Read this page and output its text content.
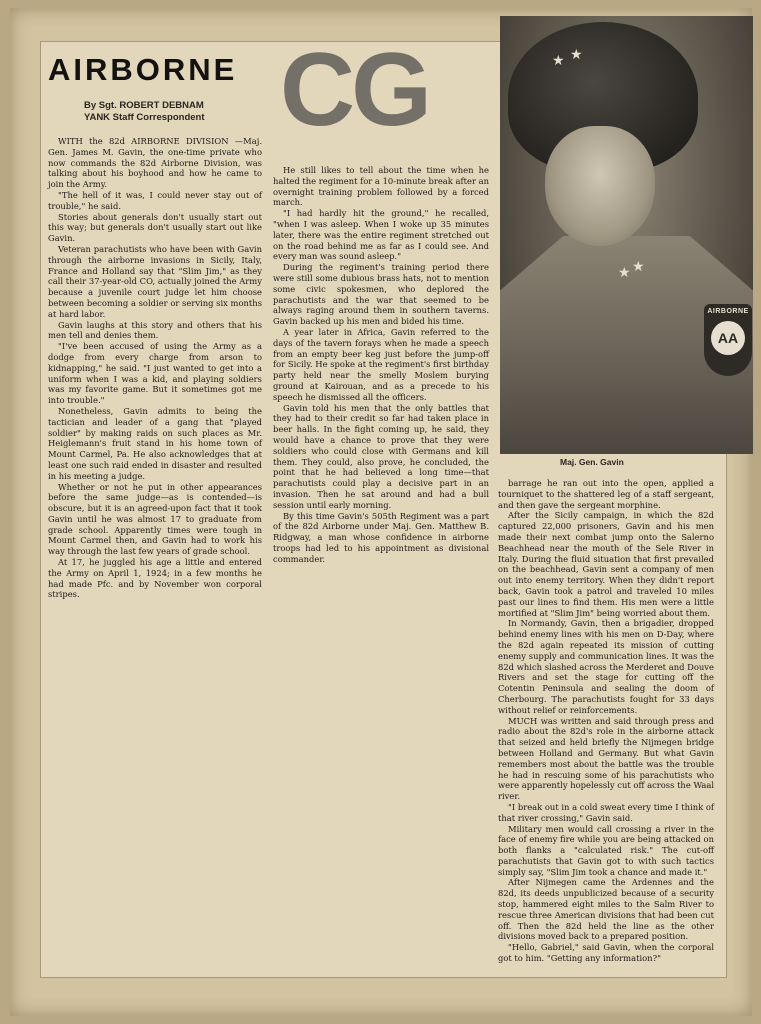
AIRBORNE CG
By Sgt. ROBERT DEBNAM
YANK Staff Correspondent
★ ★
★ ★
AIRBORNE
AA
Maj. Gen. Gavin

WITH the 82d AIRBORNE DIVISION —Maj. Gen. James M. Gavin, the one-time private who now commands the 82d Airborne Division, was talking about his boyhood and how he came to join the Army.

"The hell of it was, I could never stay out of trouble," he said.

Stories about generals don't usually start out this way; but generals don't usually start out like Gavin.

Veteran parachutists who have been with Gavin through the airborne invasions in Sicily, Italy, France and Holland say that "Slim Jim," as they call their 37-year-old CO, actually joined the Army because a juvenile court judge let him choose between becoming a soldier or serving six months at hard labor.

Gavin laughs at this story and others that his men tell and denies them.

"I've been accused of using the Army as a dodge from every charge from arson to kidnapping," he said. "I just wanted to get into a uniform when I was a kid, and playing soldiers was my favorite game. But it sometimes got me into trouble."

Nonetheless, Gavin admits to being the tactician and leader of a gang that "played soldier" by making raids on such places as Mr. Heiglemann's fruit stand in his home town of Mount Carmel, Pa. He also acknowledges that at least one such raid ended in disaster and resulted in his meeting a judge.

Whether or not he put in other appearances before the same judge—as is contended—is obscure, but it is an agreed-upon fact that it took Gavin until he was almost 17 to graduate from grade school. Apparently times were tough in Mount Carmel then, and Gavin had to work his way through the last few years of grade school.

At 17, he juggled his age a little and entered the Army on April 1, 1924; in a few months he had made Pfc. and by November won corporal stripes.

He still likes to tell about the time when he halted the regiment for a 10-minute break after an overnight training problem followed by a forced march.

"I had hardly hit the ground," he recalled, "when I was asleep. When I woke up 35 minutes later, there was the entire regiment stretched out on the road behind me as far as I could see. And every man was sound asleep."

During the regiment's training period there were still some dubious brass hats, not to mention some civic spokesmen, who deplored the parachutists and the war that seemed to be always raging around them in southern taverns. Gavin backed up his men and bided his time.

A year later in Africa, Gavin referred to the days of the tavern forays when he made a speech from an empty beer keg just before the jump-off for Sicily. He spoke at the regiment's first birthday party held near the smelly Moslem burying ground at Kairouan, and as a precede to his speech he dismissed all the officers.

Gavin told his men that the only battles that they had to their credit so far had taken place in beer halls. In the fight coming up, he said, they would have a chance to prove that they were soldiers who could close with Germans and kill them. They could, also prove, he concluded, the point that he had believed a long time—that parachutists could play a decisive part in an invasion. Then he sat around and had a bull session until early morning.

By this time Gavin's 505th Regiment was a part of the 82d Airborne under Maj. Gen. Matthew B. Ridgway, a man whose confidence in airborne troops had led to his appointment as divisional commander.

barrage he ran out into the open, applied a tourniquet to the shattered leg of a staff sergeant, and then gave the sergeant morphine.

After the Sicily campaign, in which the 82d captured 22,000 prisoners, Gavin and his men made their next combat jump onto the Salerno Beachhead near the mouth of the Sele River in Italy. During the fluid situation that first prevailed on the beachhead, Gavin sent a company of men out into enemy territory. When they didn't report back, Gavin took a patrol and traveled 10 miles past our lines to find them. His men were a little mortified at "Slim Jim" being worried about them.

In Normandy, Gavin, then a brigadier, dropped behind enemy lines with his men on D-Day, where the 82d again repeated its mission of cutting enemy supply and communication lines. It was the 82d which slashed across the Merderet and Douve Rivers and set the stage for cutting off the Cotentin Peninsula and sealing the doom of Cherbourg. The parachutists fought for 33 days without relief or reinforcements.

MUCH was written and said through press and radio about the 82d's role in the airborne attack that seized and held briefly the Nijmegen bridge between Holland and Germany. But what Gavin remembers most about the battle was the trouble he had in rescuing some of his parachutists who were apparently hopelessly cut off across the Waal river.

"I break out in a cold sweat every time I think of that river crossing," Gavin said.

Military men would call crossing a river in the face of enemy fire while you are being attacked on both flanks a "calculated risk." The cut-off parachutists that Gavin got to with such tactics simply say, "Slim Jim took a chance and made it."

After Nijmegen came the Ardennes and the 82d, its deeds unpublicized because of a security stop, hammered eight miles to the Salm River to rescue three American divisions that had been cut off. Then the 82d held the line as the other divisions moved back to a prepared position.

"Hello, Gabriel," said Gavin, when the corporal got to him. "Getting any information?"
